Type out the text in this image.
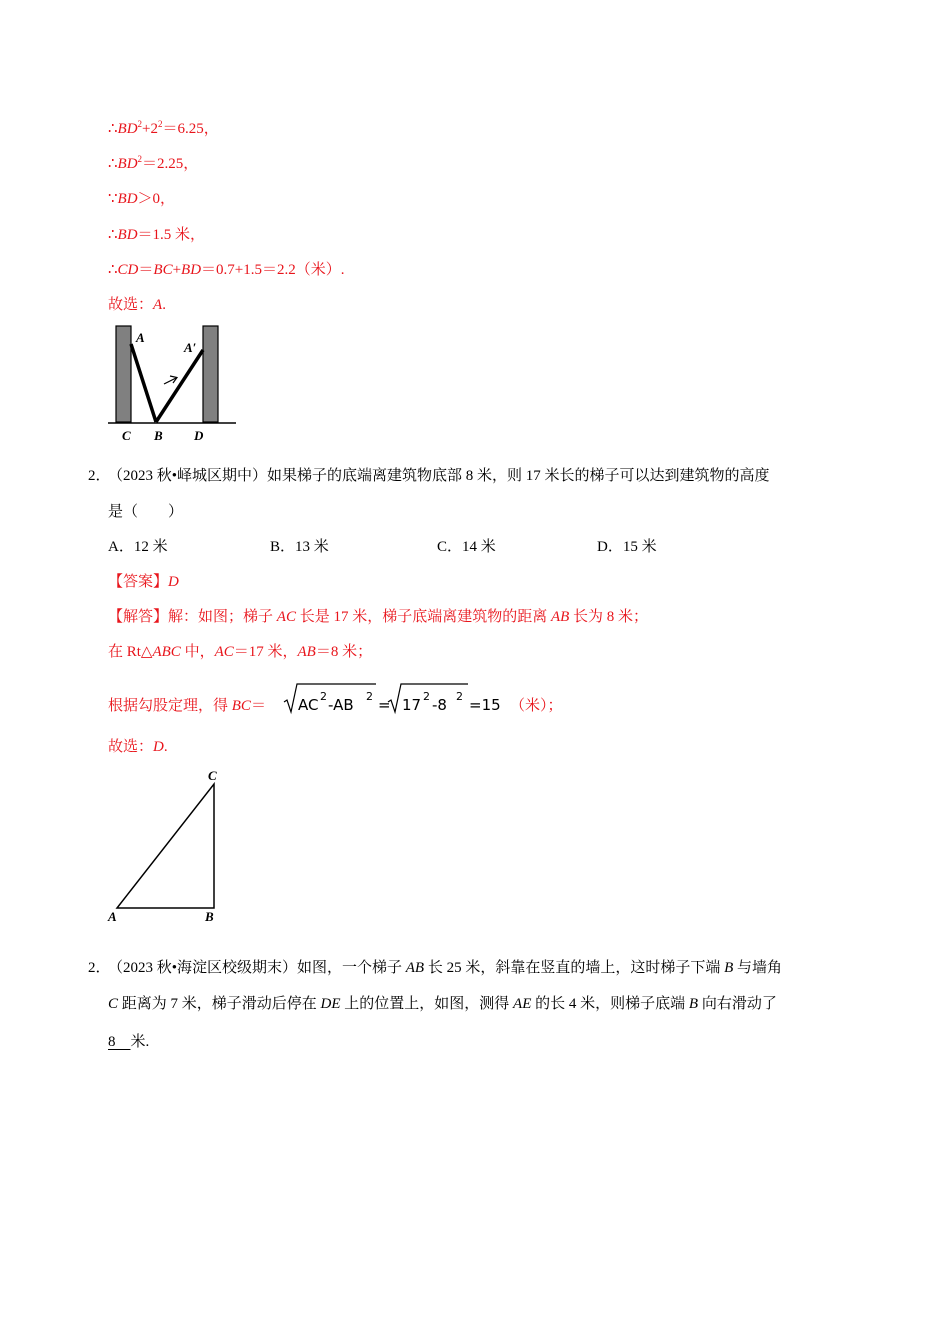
$\therefore BD^2+2^2=6.25$，
$\therefore BD^2=2.25$，
∵BD＞0，
∴BD＝1.5 米，
∴CD＝BC+BD＝0.7+1.5＝2.2（米）.
故选：A.
A
A′
C B D
2．
（2023 秋•峄城区期中）如果梯子的底端离建筑物底部 8 米，则 17 米长的梯子可以达到建筑物的高度
是（　　）
A．12 米	B．13 米	C．14 米	D．15 米
【答案】D
【解答】解：如图；梯子 AC 长是 17 米，梯子底端离建筑物的距离 AB 长为 8 米；
在 Rt△ABC 中，AC＝17 米，AB＝8 米；
根据勾股定理，得 BC＝ AC 2 -AB 2 = 17 2 -8 2 =15 （米）；
故选：D.
C
A	B
2．
（2023 秋•海淀区校级期末）如图，一个梯子 AB 长 25 米，斜靠在竖直的墙上，这时梯子下端 B 与墙角
C 距离为 7 米，梯子滑动后停在 DE 上的位置上，如图，测得 AE 的长 4 米，则梯子底端 B 向右滑动了
8 米.
